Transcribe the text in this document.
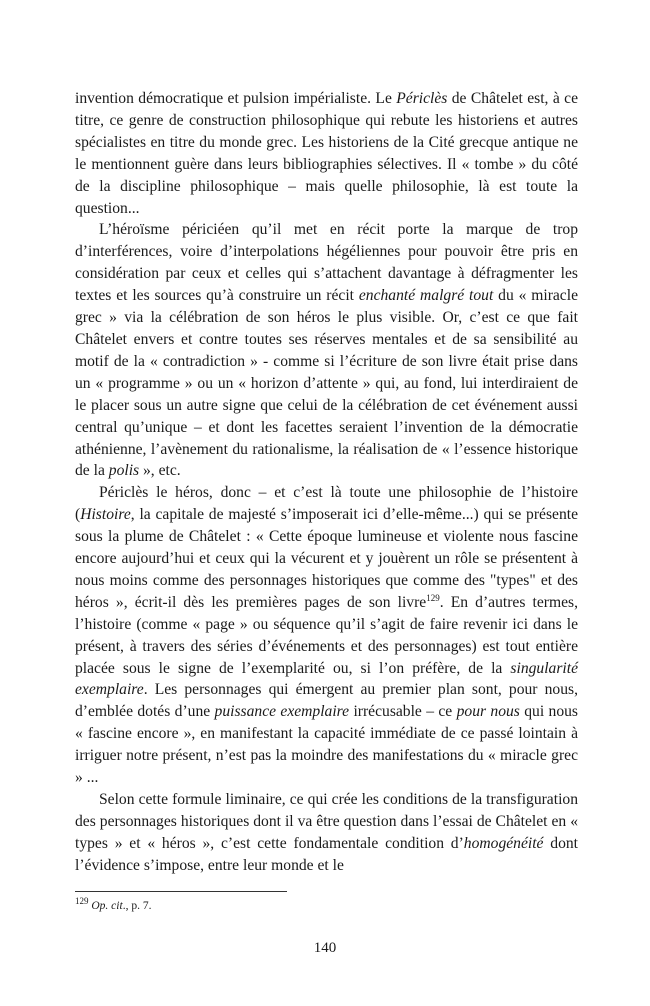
invention démocratique et pulsion impérialiste. Le Périclès de Châtelet est, à ce titre, ce genre de construction philosophique qui rebute les historiens et autres spécialistes en titre du monde grec. Les historiens de la Cité grecque antique ne le mentionnent guère dans leurs bibliographies sélectives. Il « tombe » du côté de la discipline philosophique – mais quelle philosophie, là est toute la question...

L’héroïsme périciéen qu’il met en récit porte la marque de trop d’interférences, voire d’interpolations hégéliennes pour pouvoir être pris en considération par ceux et celles qui s’attachent davantage à défragmenter les textes et les sources qu’à construire un récit enchanté malgré tout du « miracle grec » via la célébration de son héros le plus visible. Or, c’est ce que fait Châtelet envers et contre toutes ses réserves mentales et de sa sensibilité au motif de la « contradiction » - comme si l’écriture de son livre était prise dans un « programme » ou un « horizon d’attente » qui, au fond, lui interdiraient de le placer sous un autre signe que celui de la célébration de cet événement aussi central qu’unique – et dont les facettes seraient l’invention de la démocratie athénienne, l’avènement du rationalisme, la réalisation de « l’essence historique de la polis », etc.

Périclès le héros, donc – et c’est là toute une philosophie de l’histoire (Histoire, la capitale de majesté s’imposerait ici d’elle-même...) qui se présente sous la plume de Châtelet : « Cette époque lumineuse et violente nous fascine encore aujourd’hui et ceux qui la vécurent et y jouèrent un rôle se présentent à nous moins comme des personnages historiques que comme des "types" et des héros », écrit-il dès les premières pages de son livre$^{129}$. En d’autres termes, l’histoire (comme « page » ou séquence qu’il s’agit de faire revenir ici dans le présent, à travers des séries d’événements et des personnages) est tout entière placée sous le signe de l’exemplarité ou, si l’on préfère, de la singularité exemplaire. Les personnages qui émergent au premier plan sont, pour nous, d’emblée dotés d’une puissance exemplaire irrécusable – ce pour nous qui nous « fascine encore », en manifestant la capacité immédiate de ce passé lointain à irriguer notre présent, n’est pas la moindre des manifestations du « miracle grec » ...

Selon cette formule liminaire, ce qui crée les conditions de la transfiguration des personnages historiques dont il va être question dans l’essai de Châtelet en « types » et « héros », c’est cette fondamentale condition d’homogénéité dont l’évidence s’impose, entre leur monde et le

$^{129}$ Op. cit., p. 7.
140
